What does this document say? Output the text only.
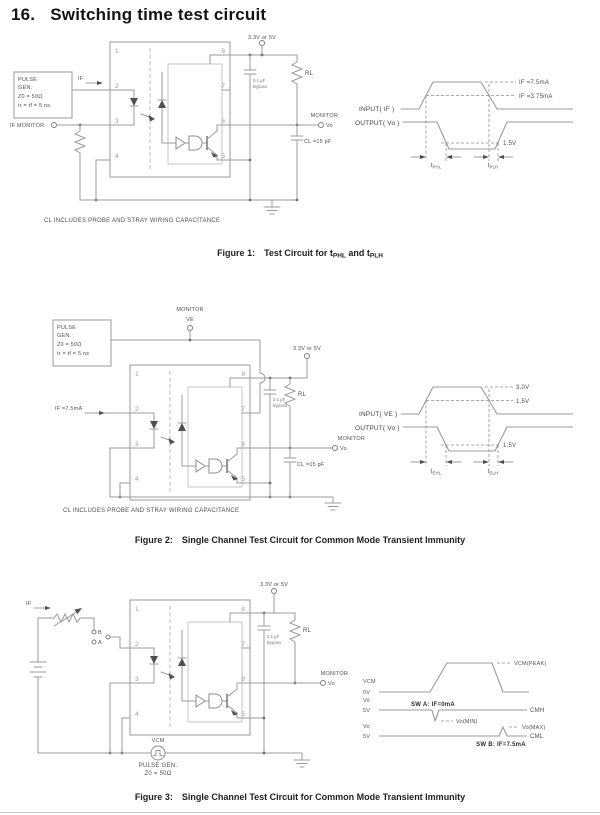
16. Switching time test circuit
1
2
3
4
8
7
6
5
PULSE
GEN.
Z0 = 50Ω
tr = tf = 5 ns
3.3V or 5V
IF
IF MONITOR
0.1 µF
Bypass
RL
MONITOR
Vo
CL =15 pF
CL INCLUDES PROBE AND STRAY WIRING CAPACITANCE
INPUT( IF )
IF =7.5mA
IF =3.75mA
OUTPUT( Vo )
1.5V
$t_{PHL}$	$t_{PLH}$
Figure 1: Test Circuit for $t_{PHL}$ and $t_{PLH}$
1
2
3
4
8
7
6
5
MONITOR
VE
PULSE
GEN.
Z0 = 50Ω
tr = tf = 5 ns
IF =7.5mA
3.3V or 5V
0.1 µF
Bypass
RL
MONITOR
Vo
CL =15 pF
CL INCLUDES PROBE AND STRAY WIRING CAPACITANCE
INPUT( VE )
3.0V
1.5V
OUTPUT( Vo )
1.5V
$t_{EHL}$	$t_{ELH}$
Figure 2: Single Channel Test Circuit for Common Mode Transient Immunity
1
2
3
4
8
7
6
5
IF
B
A
3.3V or 5V
0.1 µF
Bypass
RL
MONITOR
Vo
VCM
PULSE GEN.
Z0 = 50Ω
VCM
0V
VCM(PEAK)
Vo
5V
SW A: IF=0mA
Vo(MIN)
CMH
Vo
5V
Vo(MAX)
CML
SW B: IF=7.5mA
Figure 3: Single Channel Test Circuit for Common Mode Transient Immunity
